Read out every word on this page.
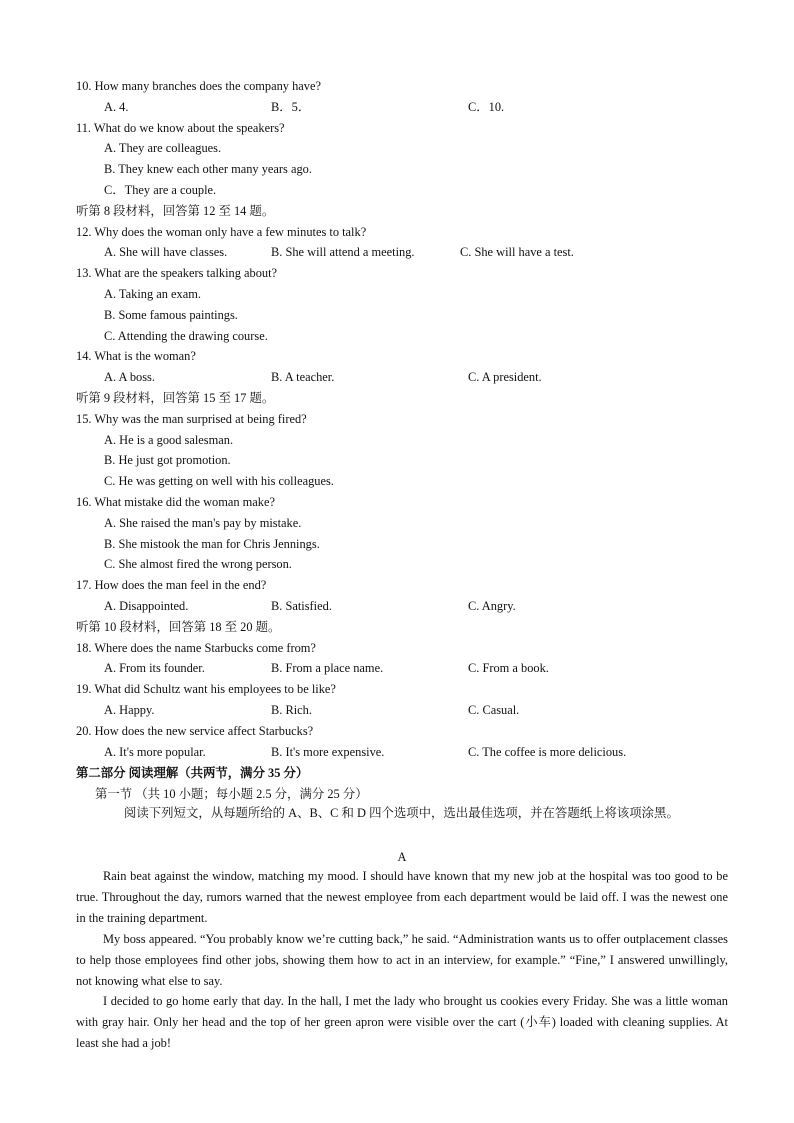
10. How many branches does the company have?
A. 4.	B．5．	C．10.
11. What do we know about the speakers?
A. They are colleagues.
B. They knew each other many years ago.
C．They are a couple.
听第 8 段材料，回答第 12 至 14 题。
12. Why does the woman only have a few minutes to talk?
A. She will have classes.	B. She will attend a meeting.	C. She will have a test.
13. What are the speakers talking about?
A. Taking an exam.
B. Some famous paintings.
C. Attending the drawing course.
14. What is the woman?
A. A boss.	B. A teacher.	C. A president.
听第 9 段材料，回答第 15 至 17 题。
15. Why was the man surprised at being fired?
A. He is a good salesman.
B. He just got promotion.
C. He was getting on well with his colleagues.
16. What mistake did the woman make?
A. She raised the man's pay by mistake.
B. She mistook the man for Chris Jennings.
C. She almost fired the wrong person.
17. How does the man feel in the end?
A. Disappointed.	B. Satisfied.	C. Angry.
听第 10 段材料，回答第 18 至 20 题。
18. Where does the name Starbucks come from?
A. From its founder.	B. From a place name.	C. From a book.
19. What did Schultz want his employees to be like?
A. Happy.	B. Rich.	C. Casual.
20. How does the new service affect Starbucks?
A. It's more popular.	B. It's more expensive.	C. The coffee is more delicious.
第二部分 阅读理解（共两节，满分 35 分）
第一节 （共 10 小题；每小题 2.5 分，满分 25 分）
阅读下列短文，从每题所给的 A、B、C 和 D 四个选项中，选出最佳选项，并在答题纸上将该项涂黑。
A

Rain beat against the window, matching my mood. I should have known that my new job at the hospital was too good to be true. Throughout the day, rumors warned that the newest employee from each department would be laid off. I was the newest one in the training department.

My boss appeared. “You probably know we’re cutting back,” he said. “Administration wants us to offer outplacement classes to help those employees find other jobs, showing them how to act in an interview, for example.” “Fine,” I answered unwillingly, not knowing what else to say.

I decided to go home early that day. In the hall, I met the lady who brought us cookies every Friday. She was a little woman with gray hair. Only her head and the top of her green apron were visible over the cart (小车) loaded with cleaning supplies. At least she had a job!
